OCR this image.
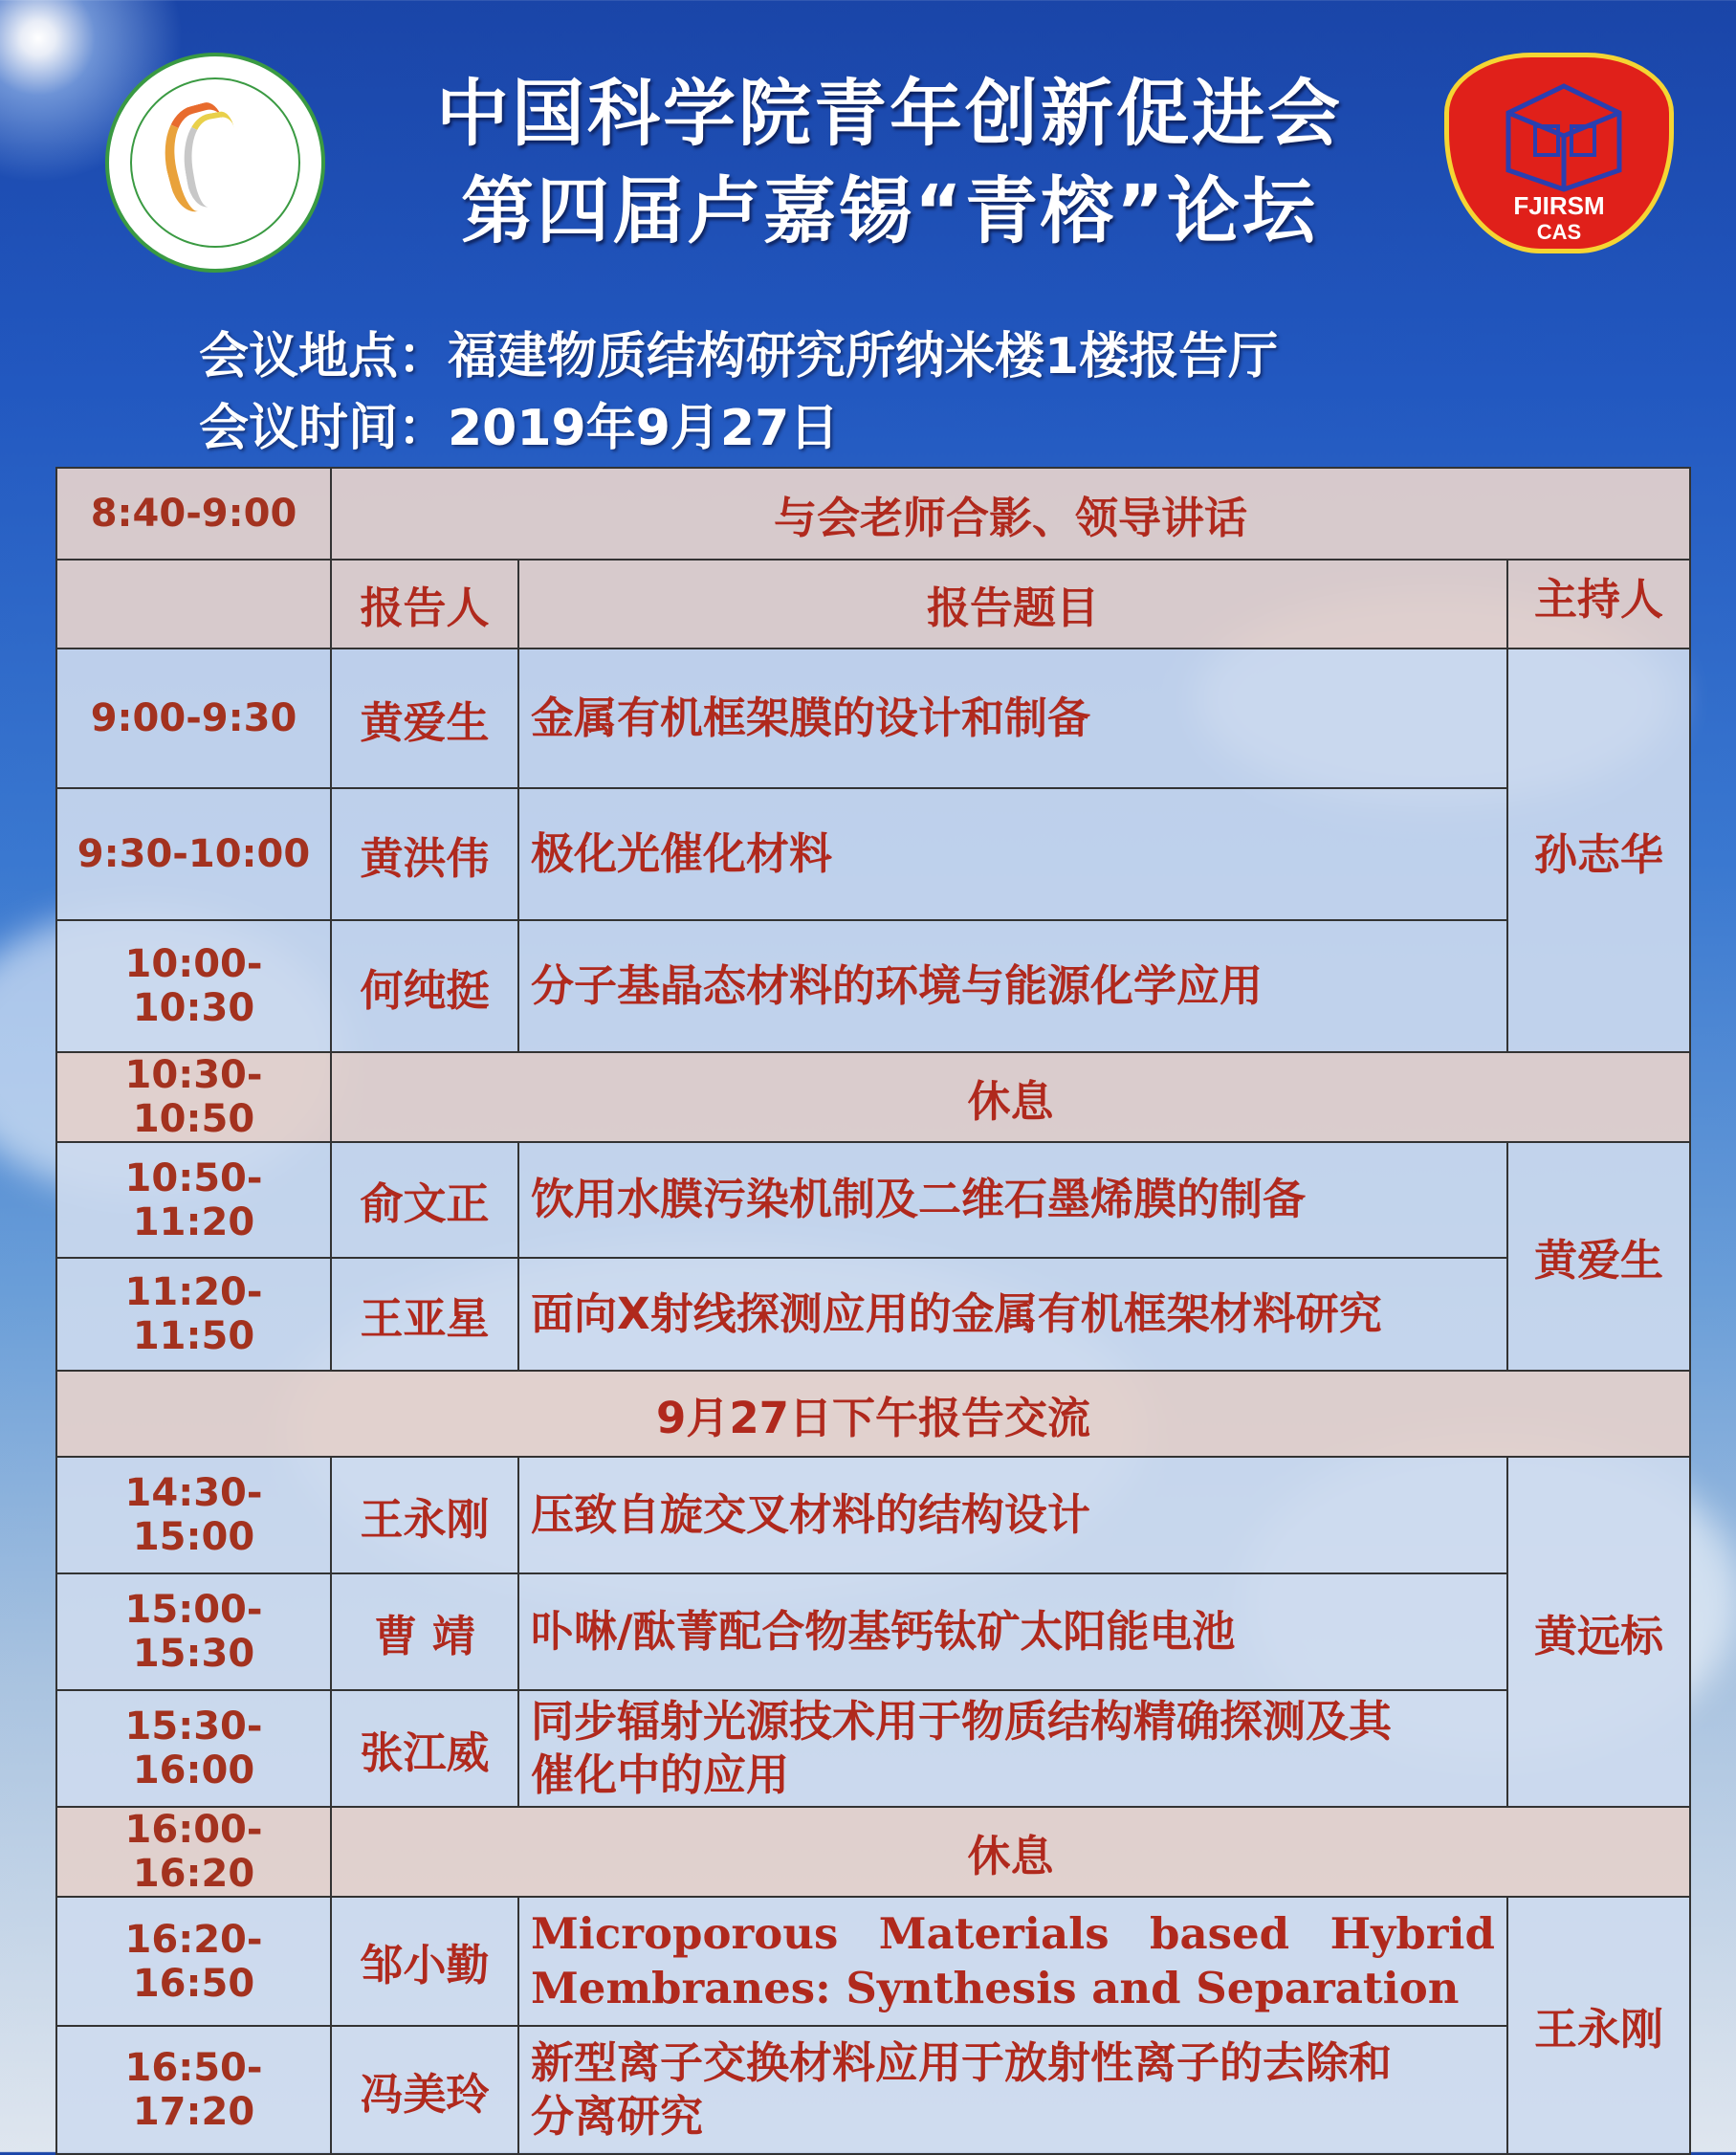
FJIRSM
CAS
中国科学院青年创新促进会
第四届卢嘉锡“青榕”论坛
会议地点：福建物质结构研究所纳米楼1楼报告厅
会议时间：2019年9月27日
8:40-9:00	与会老师合影、领导讲话		
	报告人	报告题目	主持人
9:00-9:30	黄爱生	金属有机框架膜的设计和制备	孙志华
9:30-10:00	黄洪伟	极化光催化材料	
10:00-10:30	何纯挺	分子基晶态材料的环境与能源化学应用	
10:30-10:50	休息		
10:50-11:20	俞文正	饮用水膜污染机制及二维石墨烯膜的制备	黄爱生
11:20-11:50	王亚星	面向X射线探测应用的金属有机框架材料研究	
9月27日下午报告交流			
14:30-15:00	王永刚	压致自旋交叉材料的结构设计	黄远标
15:00-15:30	曹 靖	卟啉/酞菁配合物基钙钛矿太阳能电池	
15:30-16:00	张江威	同步辐射光源技术用于物质结构精确探测及其
催化中的应用	

16:00-16:20	休息		
16:20-16:50	邹小勤	Microporous Materials based Hybrid
Membranes: Synthesis and Separation	王永刚
16:50-17:20	冯美玲	新型离子交换材料应用于放射性离子的去除和
分离研究	
